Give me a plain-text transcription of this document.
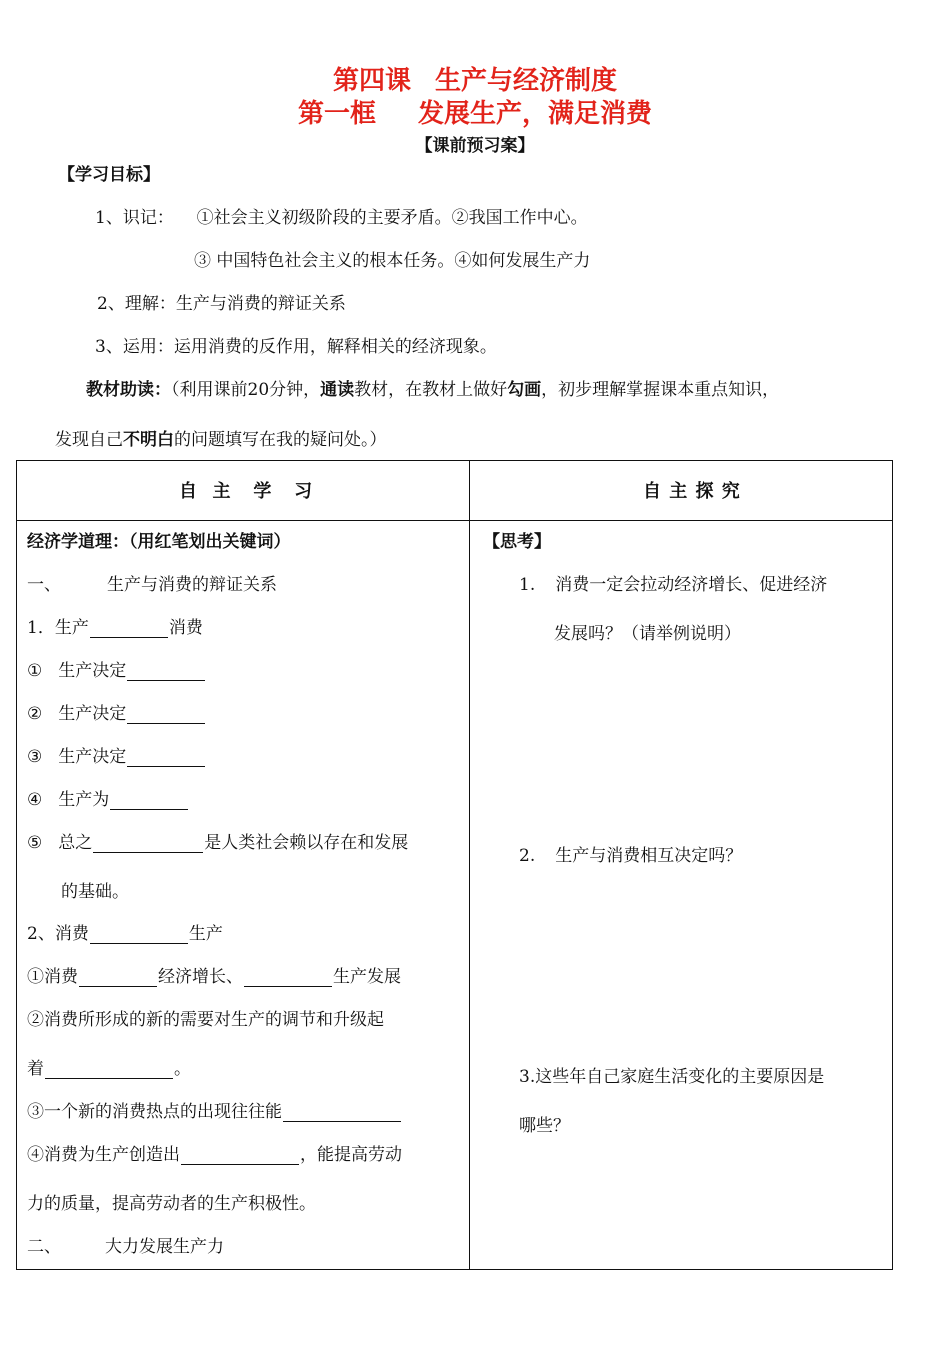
第四课 生产与经济制度
第一框 发展生产，满足消费
【课前预习案】
【学习目标】
1、识记： ①社会主义初级阶段的主要矛盾。②我国工作中心。
③ 中国特色社会主义的根本任务。④如何发展生产力
2、理解：生产与消费的辩证关系
3、运用：运用消费的反作用，解释相关的经济现象。
教材助读：（利用课前20分钟，通读教材，在教材上做好勾画，初步理解掌握课本重点知识，
发现自己不明白的问题填写在我的疑问处。）
自  主   学   习	自 主 探 究
经济学道理：（用红笔划出关键词）
一、	生产与消费的辩证关系
1．生产	消费
① 生产决定
② 生产决定
③ 生产决定
④ 生产为
⑤ 总之	是人类社会赖以存在和发展
的基础。
2、消费	生产
①消费	经济增长、	生产发展
②消费所形成的新的需要对生产的调节和升级起
着	。
③一个新的消费热点的出现往往能
④消费为生产创造出	，能提高劳动
力的质量，提高劳动者的生产积极性。
二、	大力发展生产力
【思考】
1. 消费一定会拉动经济增长、促进经济
发展吗？（请举例说明）
2. 生产与消费相互决定吗？
3.这些年自己家庭生活变化的主要原因是
哪些？
